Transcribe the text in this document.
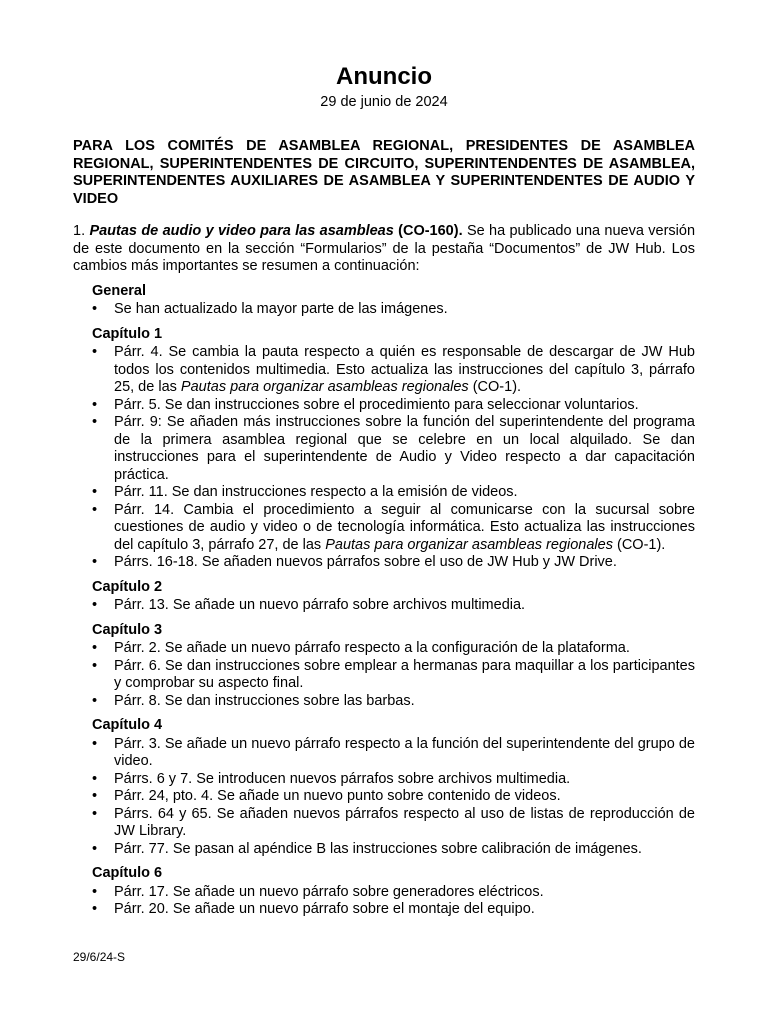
Anuncio
29 de junio de 2024

PARA LOS COMITÉS DE ASAMBLEA REGIONAL, PRESIDENTES DE ASAMBLEA REGIONAL, SUPERINTENDENTES DE CIRCUITO, SUPERINTENDENTES DE ASAMBLEA, SUPERINTENDENTES AUXILIARES DE ASAMBLEA Y SUPERINTENDENTES DE AUDIO Y VIDEO

1. Pautas de audio y video para las asambleas (CO-160). Se ha publicado una nueva versión de este documento en la sección “Formularios” de la pestaña “Documentos” de JW Hub. Los cambios más importantes se resumen a continuación:

General
• Se han actualizado la mayor parte de las imágenes.
Capítulo 1
• Párr. 4. Se cambia la pauta respecto a quién es responsable de descargar de JW Hub todos los contenidos multimedia. Esto actualiza las instrucciones del capítulo 3, párrafo 25, de las Pautas para organizar asambleas regionales (CO-1).
• Párr. 5. Se dan instrucciones sobre el procedimiento para seleccionar voluntarios.
• Párr. 9: Se añaden más instrucciones sobre la función del superintendente del programa de la primera asamblea regional que se celebre en un local alquilado. Se dan instrucciones para el superintendente de Audio y Video respecto a dar capacitación práctica.
• Párr. 11. Se dan instrucciones respecto a la emisión de videos.
• Párr. 14. Cambia el procedimiento a seguir al comunicarse con la sucursal sobre cuestiones de audio y video o de tecnología informática. Esto actualiza las instrucciones del capítulo 3, párrafo 27, de las Pautas para organizar asambleas regionales (CO-1).
• Párrs. 16-18. Se añaden nuevos párrafos sobre el uso de JW Hub y JW Drive.
Capítulo 2
• Párr. 13. Se añade un nuevo párrafo sobre archivos multimedia.
Capítulo 3
• Párr. 2. Se añade un nuevo párrafo respecto a la configuración de la plataforma.
• Párr. 6. Se dan instrucciones sobre emplear a hermanas para maquillar a los participantes y comprobar su aspecto final.
• Párr. 8. Se dan instrucciones sobre las barbas.
Capítulo 4
• Párr. 3. Se añade un nuevo párrafo respecto a la función del superintendente del grupo de video.
• Párrs. 6 y 7. Se introducen nuevos párrafos sobre archivos multimedia.
• Párr. 24, pto. 4. Se añade un nuevo punto sobre contenido de videos.
• Párrs. 64 y 65. Se añaden nuevos párrafos respecto al uso de listas de reproducción de JW Library.
• Párr. 77. Se pasan al apéndice B las instrucciones sobre calibración de imágenes.
Capítulo 6
• Párr. 17. Se añade un nuevo párrafo sobre generadores eléctricos.
• Párr. 20. Se añade un nuevo párrafo sobre el montaje del equipo.
29/6/24-S
